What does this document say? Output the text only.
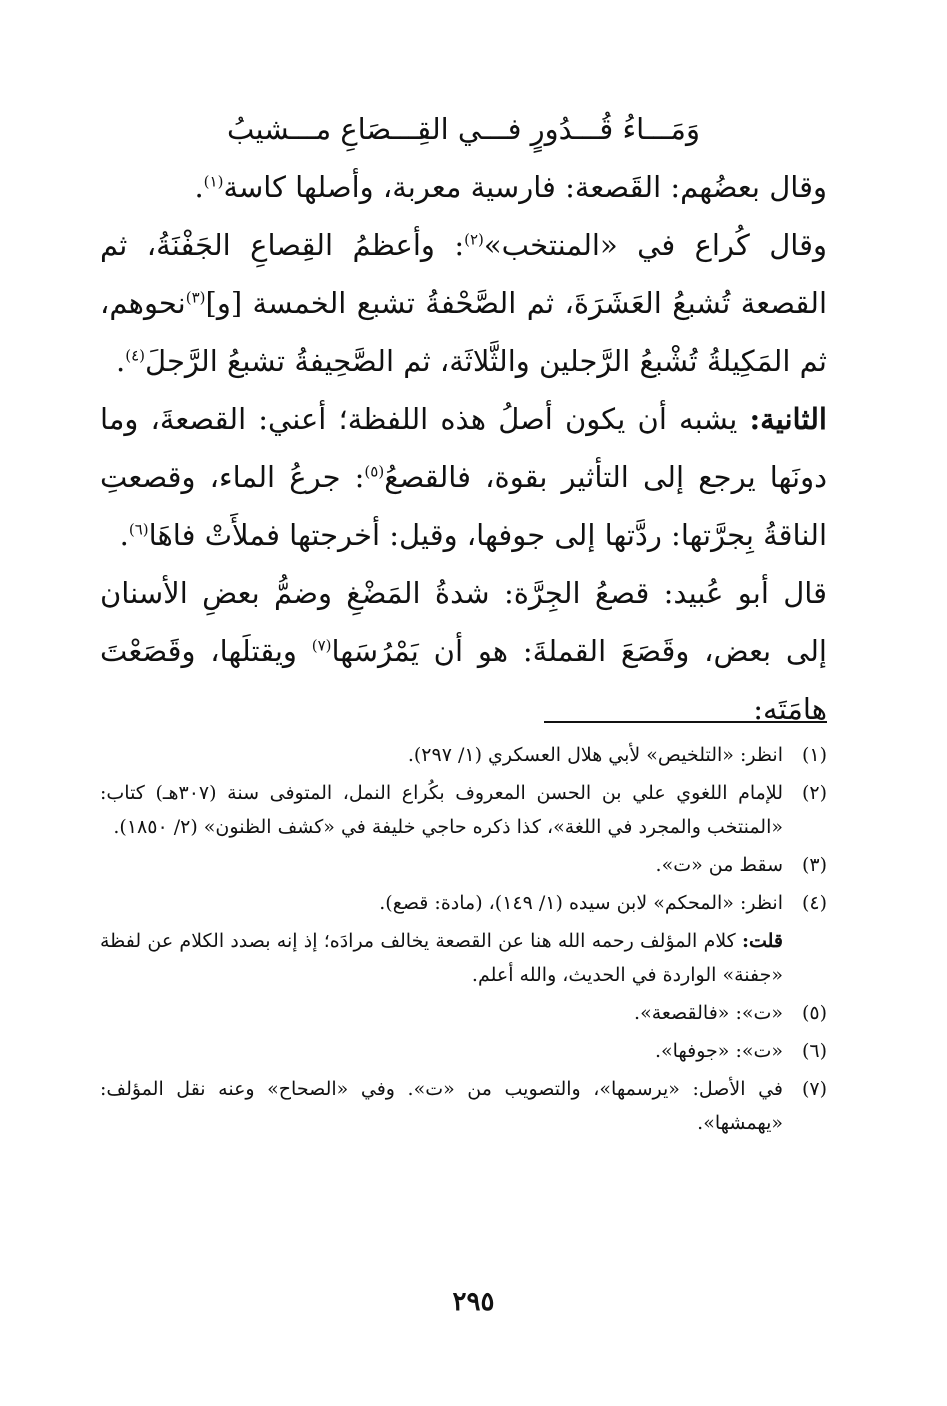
وَمَـــاءُ قُـــدُورٍ فـــي القِـــصَاعِ مـــشيبُ

وقال بعضُهم: القَصعة: فارسية معربة، وأصلها كاسة$^{(١)}$.

وقال كُراع في «المنتخب»$^{(٢)}$: وأعظمُ القِصاعِ الجَفْنَةُ، ثم القصعة تُشبعُ العَشَرَةَ، ثم الصَّحْفةُ تشبع الخمسة [و]$^{(٣)}$نحوهم، ثم المَكِيلةُ تُشْبعُ الرَّجلين والثَّلاثَة، ثم الصَّحِيفةُ تشبعُ الرَّجلَ$^{(٤)}$.

الثانية: يشبه أن يكون أصلُ هذه اللفظة؛ أعني: القصعةَ، وما دونَها يرجع إلى التأثير بقوة، فالقصعُ$^{(٥)}$: جرعُ الماء، وقصعتِ الناقةُ بِجرَّتها: ردَّتها إلى جوفها، وقيل: أخرجتها فملأَتْ فاهَا$^{(٦)}$.

قال أبو عُبيد: قصعُ الجِرَّة: شدةُ المَضْغِ وضمُّ بعضِ الأسنان إلى بعض، وقَصَعَ القملةَ: هو أن يَمْرُسَها$^{(٧)}$ ويقتلَها، وقَصَعْتَ هامَتَه:

(١)
انظر: «التلخيص» لأبي هلال العسكري (١/ ٢٩٧).
(٢)
للإمام اللغوي علي بن الحسن المعروف بكُراع النمل، المتوفى سنة (٣٠٧هـ) كتاب: «المنتخب والمجرد في اللغة»، كذا ذكره حاجي خليفة في «كشف الظنون» (٢/ ١٨٥٠).
(٣)
سقط من «ت».
(٤)
انظر: «المحكم» لابن سيده (١/ ١٤٩)، (مادة: قصع).
قلت: كلام المؤلف رحمه الله هنا عن القصعة يخالف مرادَه؛ إذ إنه بصدد الكلام عن لفظة «جفنة» الواردة في الحديث، والله أعلم.
(٥)
«ت»: «فالقصعة».
(٦)
«ت»: «جوفها».
(٧)
في الأصل: «يرسمها»، والتصويب من «ت». وفي «الصحاح» وعنه نقل المؤلف: «يهمشها».
٢٩٥
